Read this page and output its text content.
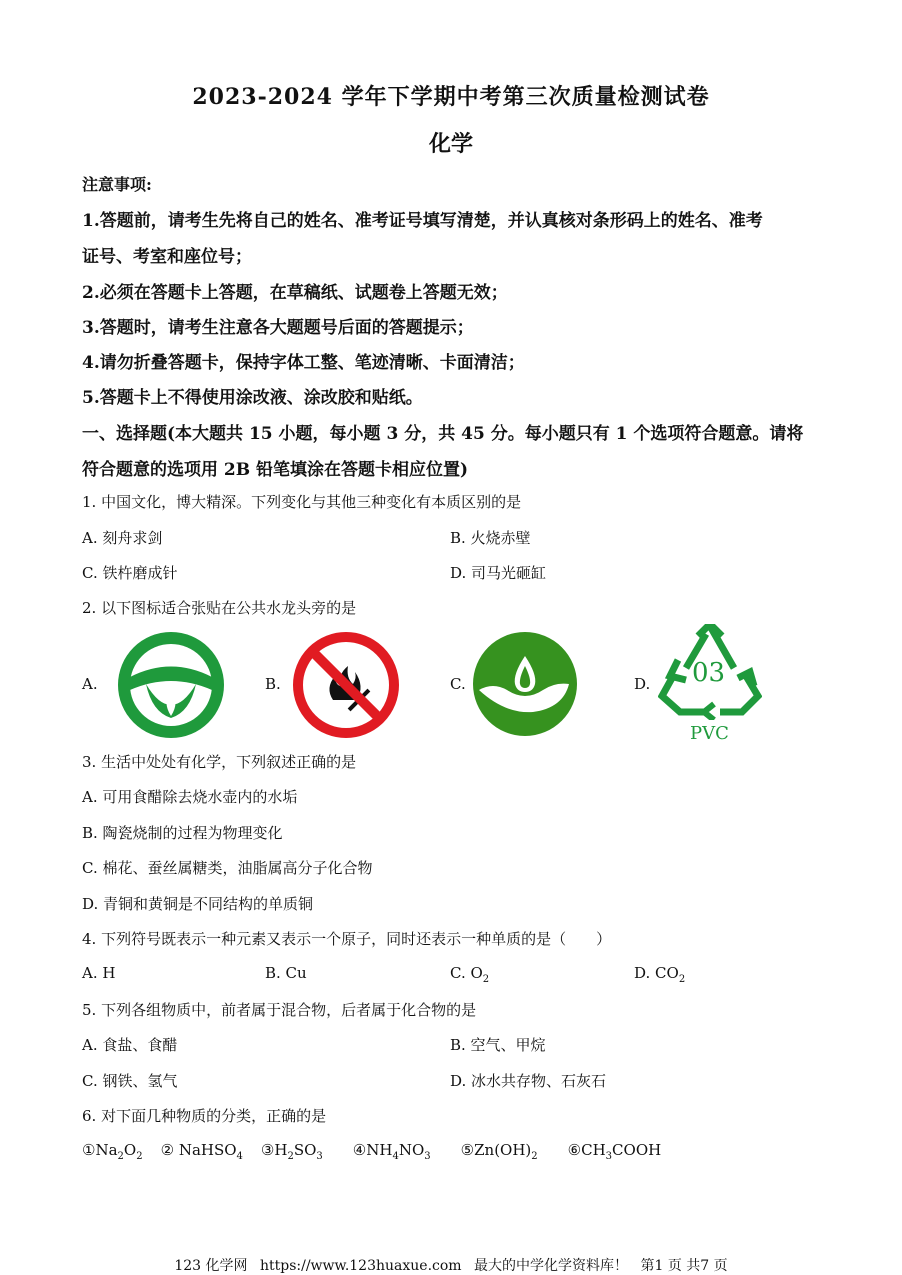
2023-2024 学年下学期中考第三次质量检测试卷
化学
注意事项:
1.答题前，请考生先将自己的姓名、准考证号填写清楚，并认真核对条形码上的姓名、准考
证号、考室和座位号；
2.必须在答题卡上答题，在草稿纸、试题卷上答题无效；
3.答题时，请考生注意各大题题号后面的答题提示；
4.请勿折叠答题卡，保持字体工整、笔迹清晰、卡面清洁；
5.答题卡上不得使用涂改液、涂改胶和贴纸。
一、选择题(本大题共 15 小题，每小题 3 分，共 45 分。每小题只有 1 个选项符合题意。请将
符合题意的选项用 2B 铅笔填涂在答题卡相应位置)
1. 中国文化，博大精深。下列变化与其他三种变化有本质区别的是
A. 刻舟求剑	B. 火烧赤壁
C. 铁杵磨成针	D. 司马光砸缸
2. 以下图标适合张贴在公共水龙头旁的是
A.	B.	C.	D. 03
PVC
3. 生活中处处有化学，下列叙述正确的是
A. 可用食醋除去烧水壶内的水垢
B. 陶瓷烧制的过程为物理变化
C. 棉花、蚕丝属糖类，油脂属高分子化合物
D. 青铜和黄铜是不同结构的单质铜
4. 下列符号既表示一种元素又表示一个原子，同时还表示一种单质的是（　　）
A. H	B. Cu	C. $O_2$	D. $CO_2$
5. 下列各组物质中，前者属于混合物，后者属于化合物的是
A. 食盐、食醋	B. 空气、甲烷
C. 钢铁、氢气	D. 冰水共存物、石灰石
6. 对下面几种物质的分类，正确的是
$①Na_2O_2$ ② NaHSO$_4$ $③H_2SO_3$ $④NH_4NO_3$ $⑤Zn(OH)_2$ $⑥CH_3COOH$
123 化学网 https://www.123huaxue.com 最大的中学化学资料库！ 第1 页 共7 页
